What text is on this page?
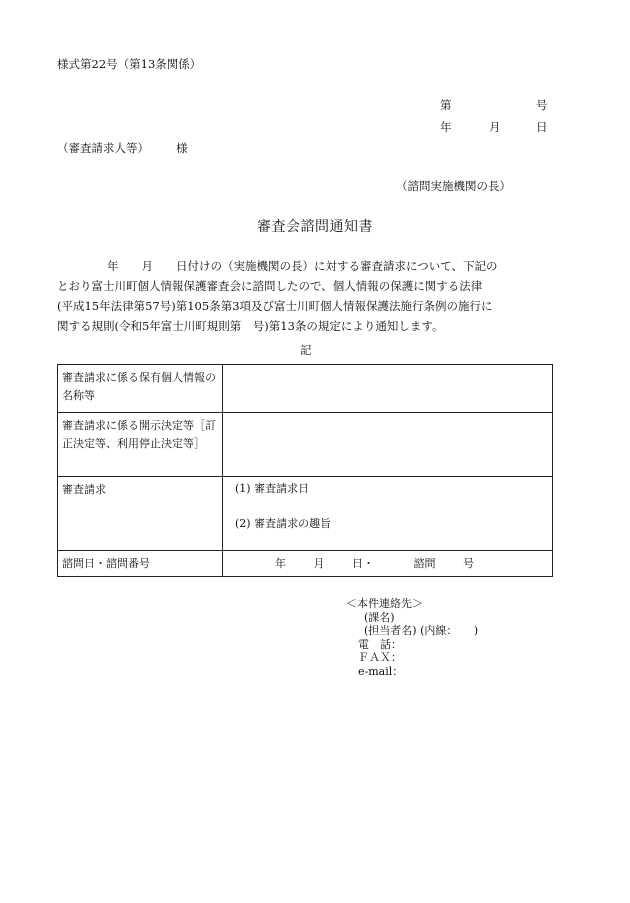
様式第22号（第13条関係）
第	号
年	月	日
（審査請求人等） 様
（諮問実施機関の長）
審査会諮問通知書
年　　月　　日付けの（実施機関の長）に対する審査請求について、下記の
とおり富士川町個人情報保護審査会に諮問したので、個人情報の保護に関する法律
(平成15年法律第57号)第105条第3項及び富士川町個人情報保護法施行条例の施行に
関する規則(令和5年富士川町規則第　号)第13条の規定により通知します。
記
審査請求に係る保有個人情報の名称等	
審査請求に係る開示決定等［訂正決定等、利用停止決定等］	
審査請求	(1) 審査請求日
(2) 審査請求の趣旨

諮問日・諮問番号	年 月 日・ 諮問 号
＜本件連絡先＞
(課名)
(担当者名) (内線：　　)
電　話：
ＦＡＸ：
e-mail：
